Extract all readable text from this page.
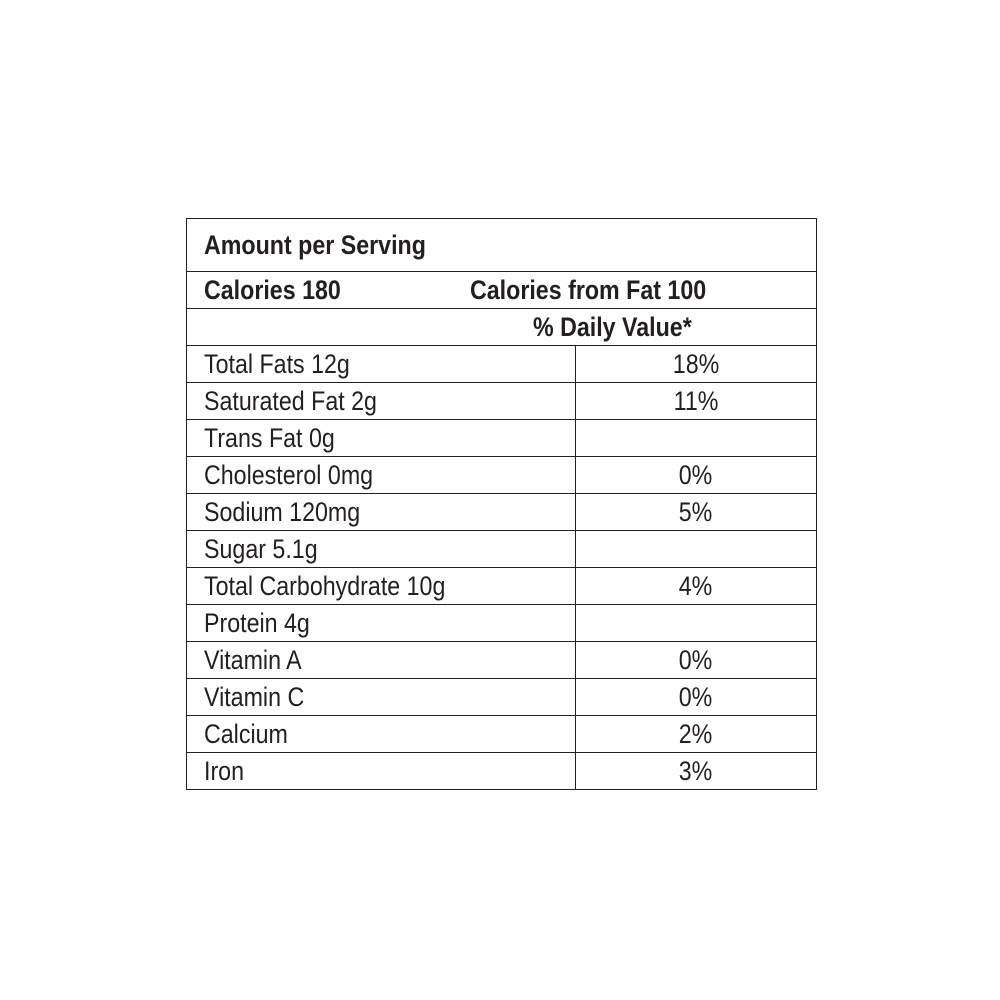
Amount per Serving	

Calories 180 Calories from Fat 100	

% Daily Value*	
Total Fats 12g	18%
Saturated Fat 2g	11%
Trans Fat 0g	
Cholesterol 0mg	0%
Sodium 120mg	5%
Sugar 5.1g	
Total Carbohydrate 10g	4%
Protein 4g	
Vitamin A	0%
Vitamin C	0%
Calcium	2%
Iron	3%
